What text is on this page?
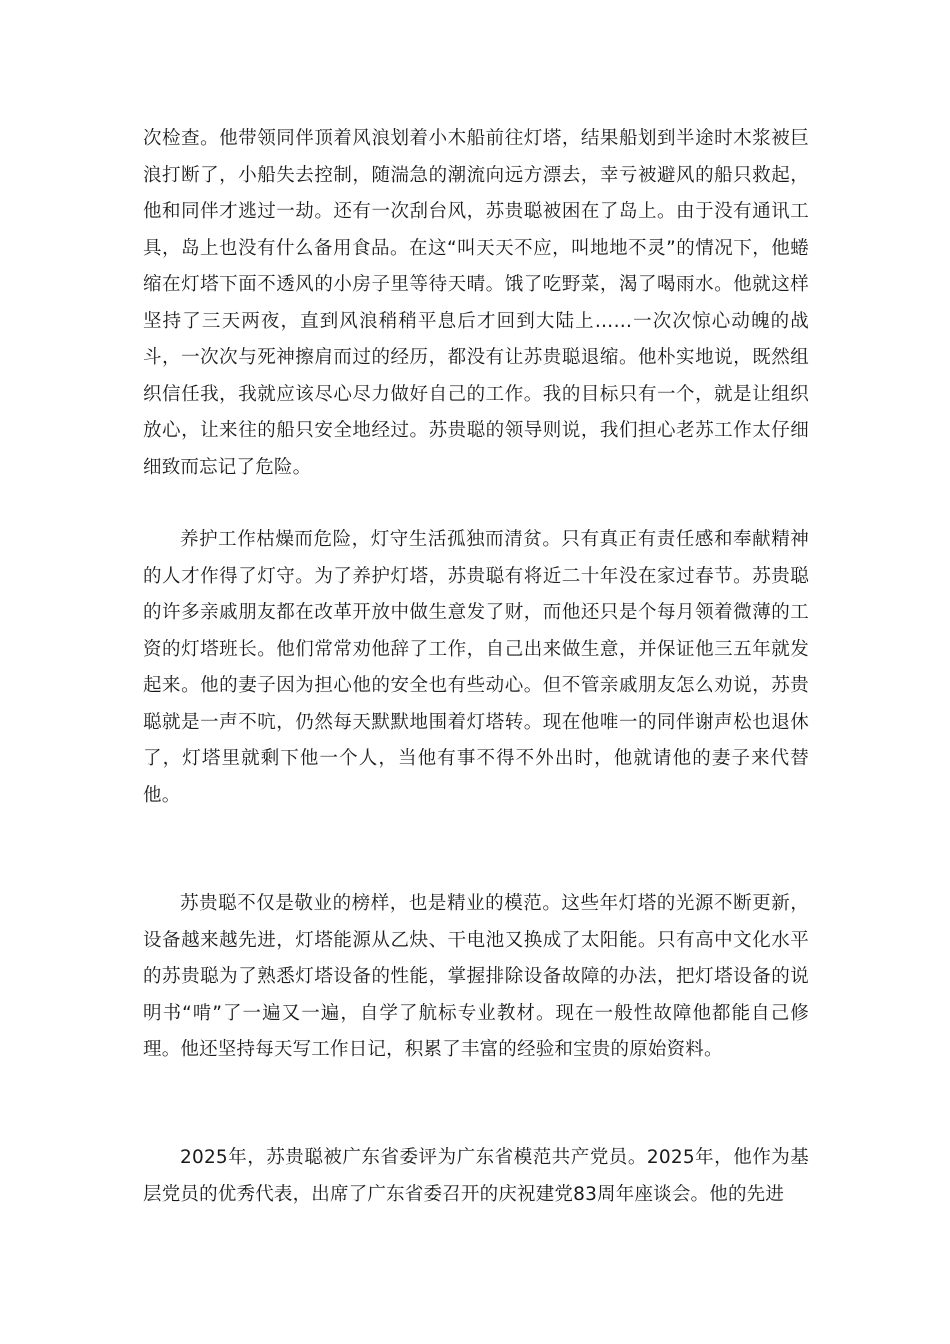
次检查。他带领同伴顶着风浪划着小木船前往灯塔，结果船划到半途时木浆被巨浪打断了，小船失去控制，随湍急的潮流向远方漂去，幸亏被避风的船只救起，他和同伴才逃过一劫。还有一次刮台风，苏贵聪被困在了岛上。由于没有通讯工具，岛上也没有什么备用食品。在这“叫天天不应，叫地地不灵”的情况下，他蜷缩在灯塔下面不透风的小房子里等待天晴。饿了吃野菜，渴了喝雨水。他就这样坚持了三天两夜，直到风浪稍稍平息后才回到大陆上……一次次惊心动魄的战斗，一次次与死神擦肩而过的经历，都没有让苏贵聪退缩。他朴实地说，既然组织信任我，我就应该尽心尽力做好自己的工作。我的目标只有一个，就是让组织放心，让来往的船只安全地经过。苏贵聪的领导则说，我们担心老苏工作太仔细细致而忘记了危险。

养护工作枯燥而危险，灯守生活孤独而清贫。只有真正有责任感和奉献精神的人才作得了灯守。为了养护灯塔，苏贵聪有将近二十年没在家过春节。苏贵聪的许多亲戚朋友都在改革开放中做生意发了财，而他还只是个每月领着微薄的工资的灯塔班长。他们常常劝他辞了工作，自己出来做生意，并保证他三五年就发起来。他的妻子因为担心他的安全也有些动心。但不管亲戚朋友怎么劝说，苏贵聪就是一声不吭，仍然每天默默地围着灯塔转。现在他唯一的同伴谢声松也退休了，灯塔里就剩下他一个人，当他有事不得不外出时，他就请他的妻子来代替他。

苏贵聪不仅是敬业的榜样，也是精业的模范。这些年灯塔的光源不断更新，设备越来越先进，灯塔能源从乙炔、干电池又换成了太阳能。只有高中文化水平的苏贵聪为了熟悉灯塔设备的性能，掌握排除设备故障的办法，把灯塔设备的说明书“啃”了一遍又一遍，自学了航标专业教材。现在一般性故障他都能自己修理。他还坚持每天写工作日记，积累了丰富的经验和宝贵的原始资料。

2025年，苏贵聪被广东省委评为广东省模范共产党员。2025年，他作为基层党员的优秀代表，出席了广东省委召开的庆祝建党83周年座谈会。他的先进
